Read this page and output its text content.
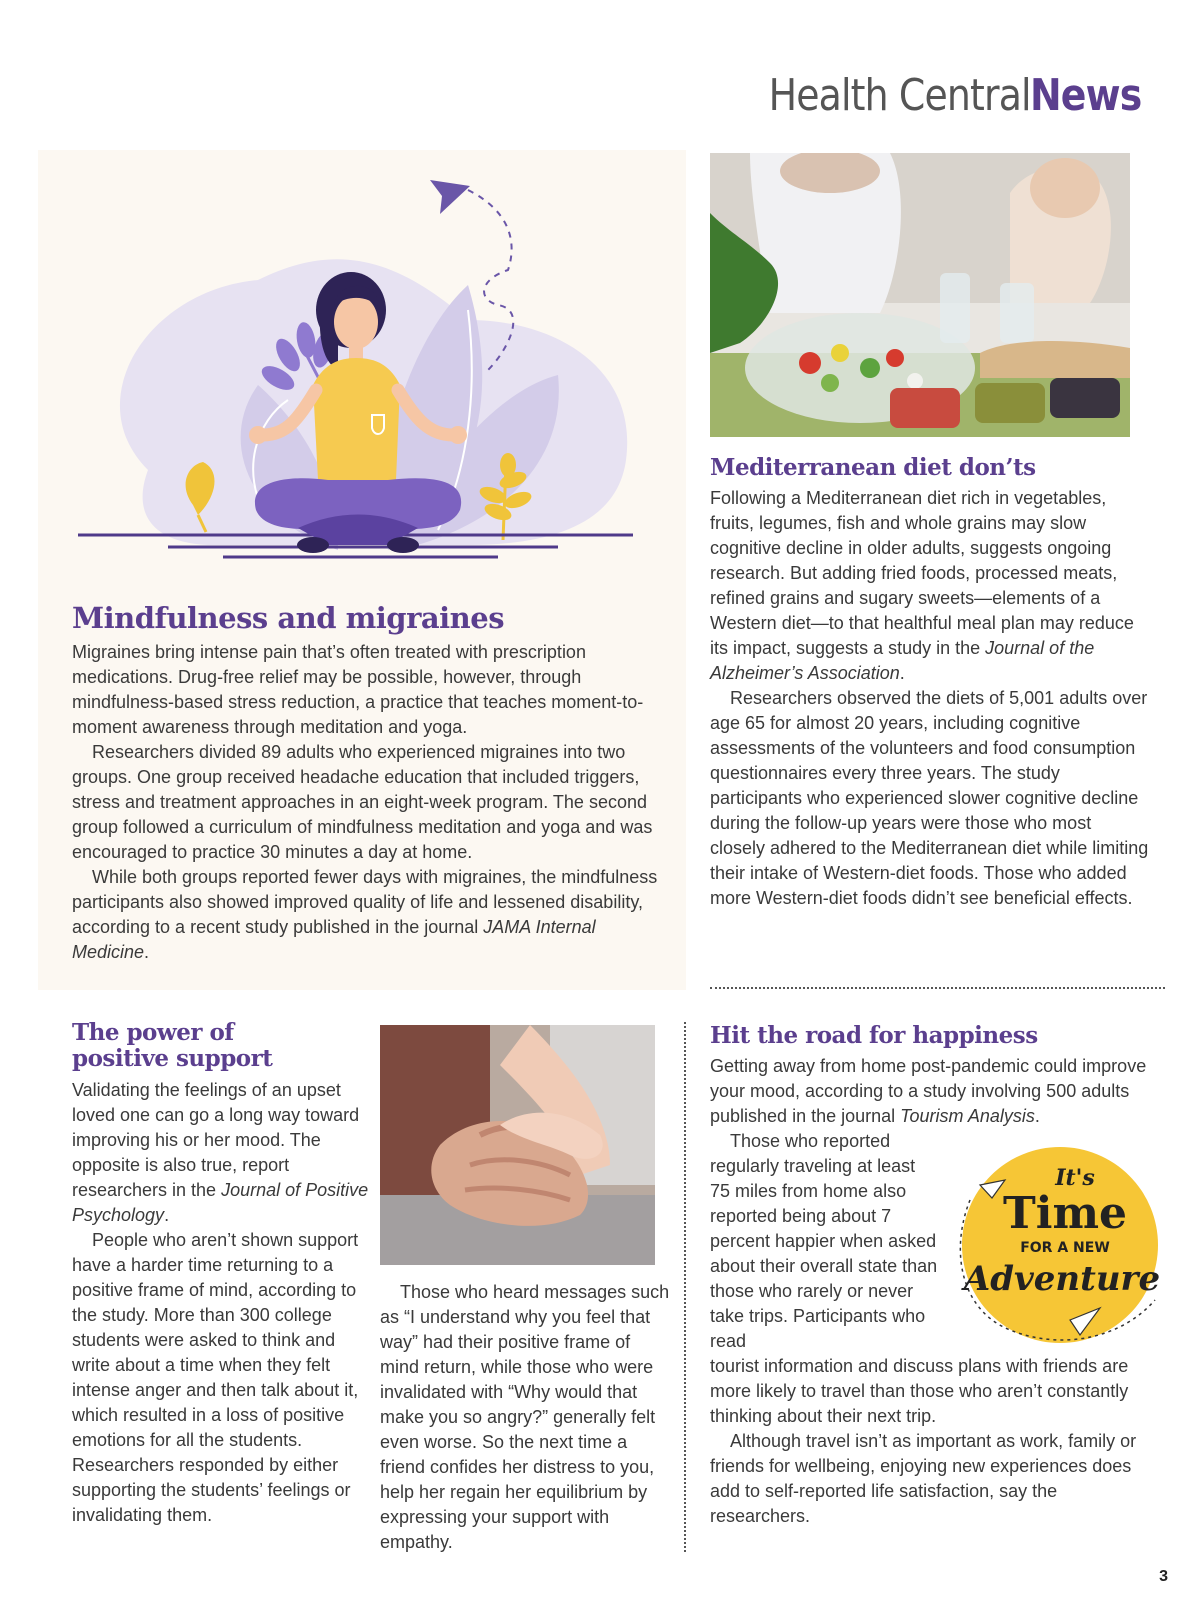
Health CentralNews
Mindfulness and migraines

Migraines bring intense pain that’s often treated with prescription medications. Drug-free relief may be possible, however, through mindfulness-based stress reduction, a practice that teaches moment-to-moment awareness through meditation and yoga.

Researchers divided 89 adults who experienced migraines into two groups. One group received headache education that included triggers, stress and treatment approaches in an eight-week program. The second group followed a curriculum of mindfulness meditation and yoga and was encouraged to practice 30 minutes a day at home.

While both groups reported fewer days with migraines, the mindfulness participants also showed improved quality of life and lessened disability, according to a recent study published in the journal JAMA Internal Medicine.

Mediterranean diet don’ts

Following a Mediterranean diet rich in vegetables, fruits, legumes, fish and whole grains may slow cognitive decline in older adults, suggests ongoing research. But adding fried foods, processed meats, refined grains and sugary sweets—elements of a Western diet—to that healthful meal plan may reduce its impact, suggests a study in the Journal of the Alzheimer’s Association.

Researchers observed the diets of 5,001 adults over age 65 for almost 20 years, including cognitive assessments of the volunteers and food consumption questionnaires every three years. The study participants who experienced slower cognitive decline during the follow-up years were those who most closely adhered to the Mediterranean diet while limiting their intake of Western-diet foods. Those who added more Western-diet foods didn’t see beneficial effects.

The power of
positive support

Validating the feelings of an upset loved one can go a long way toward improving his or her mood. The opposite is also true, report researchers in the Journal of Positive Psychology.

People who aren’t shown support have a harder time returning to a positive frame of mind, according to the study. More than 300 college students were asked to think and write about a time when they felt intense anger and then talk about it, which resulted in a loss of positive emotions for all the students. Researchers responded by either supporting the students’ feelings or invalidating them.

Those who heard messages such as “I understand why you feel that way” had their positive frame of mind return, while those who were invalidated with “Why would that make you so angry?” generally felt even worse. So the next time a friend confides her distress to you, help her regain her equilibrium by expressing your support with empathy.

Hit the road for happiness

Getting away from home post-pandemic could improve your mood, according to a study involving 500 adults published in the journal Tourism Analysis.

Those who reported regularly traveling at least 75 miles from home also reported being about 7 percent happier when asked about their overall state than those who rarely or never take trips. Participants who read

tourist information and discuss plans with friends are more likely to travel than those who aren’t constantly thinking about their next trip.

Although travel isn’t as important as work, family or friends for wellbeing, enjoying new experiences does add to self-reported life satisfaction, say the researchers.

It's
Time
FOR A NEW
Adventure
3
